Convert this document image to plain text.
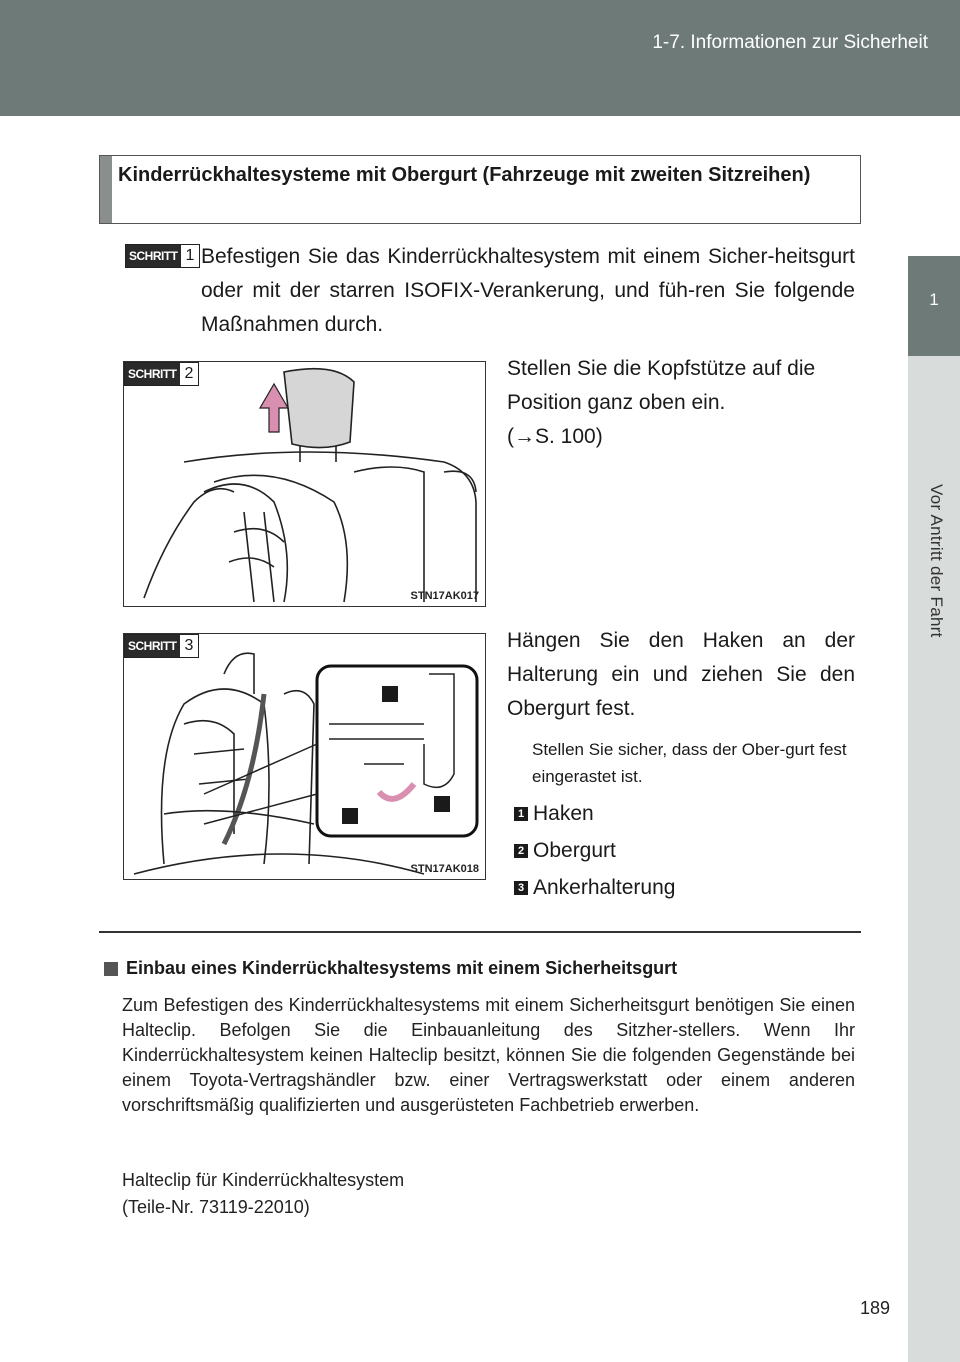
1-7. Informationen zur Sicherheit
1
Vor Antritt der Fahrt
Kinderrückhaltesysteme mit Obergurt (Fahrzeuge mit zweiten Sitzreihen)
SCHRITT 1 Befestigen Sie das Kinderrückhaltesystem mit einem Sicher-heitsgurt oder mit der starren ISOFIX-Verankerung, und füh-ren Sie folgende Maßnahmen durch.
SCHRITT 2
STN17AK017
Stellen Sie die Kopfstütze auf die Position ganz oben ein.
(→S. 100)
SCHRITT 3
STN17AK018
Hängen Sie den Haken an der Halterung ein und ziehen Sie den Obergurt fest.
Stellen Sie sicher, dass der Ober-gurt fest eingerastet ist.
1 Haken
2 Obergurt
3 Ankerhalterung
Einbau eines Kinderrückhaltesystems mit einem Sicherheitsgurt
Zum Befestigen des Kinderrückhaltesystems mit einem Sicherheitsgurt benötigen Sie einen Halteclip. Befolgen Sie die Einbauanleitung des Sitzher-stellers. Wenn Ihr Kinderrückhaltesystem keinen Halteclip besitzt, können Sie die folgenden Gegenstände bei einem Toyota-Vertragshändler bzw. einer Vertragswerkstatt oder einem anderen vorschriftsmäßig qualifizierten und ausgerüsteten Fachbetrieb erwerben.
Halteclip für Kinderrückhaltesystem
(Teile-Nr. 73119-22010)
189
